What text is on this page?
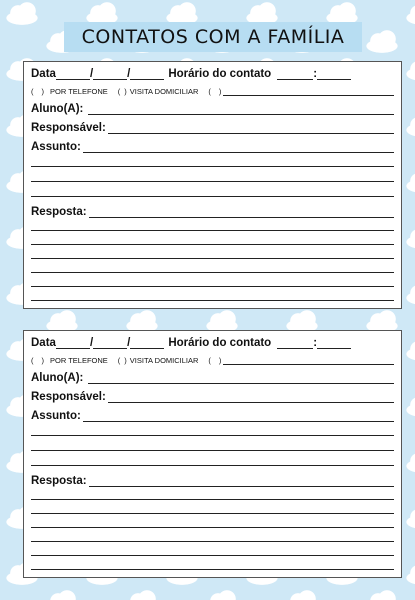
CONTATOS COM A FAMÍLIA
Data	/	/	Horário do contato	:
( ) POR TELEFONE ( ) VISITA DOMICILIAR ( )
Aluno(A):
Responsável:
Assunto:
Resposta:
Data	/	/	Horário do contato	:
( ) POR TELEFONE ( ) VISITA DOMICILIAR ( )
Aluno(A):
Responsável:
Assunto:
Resposta:
